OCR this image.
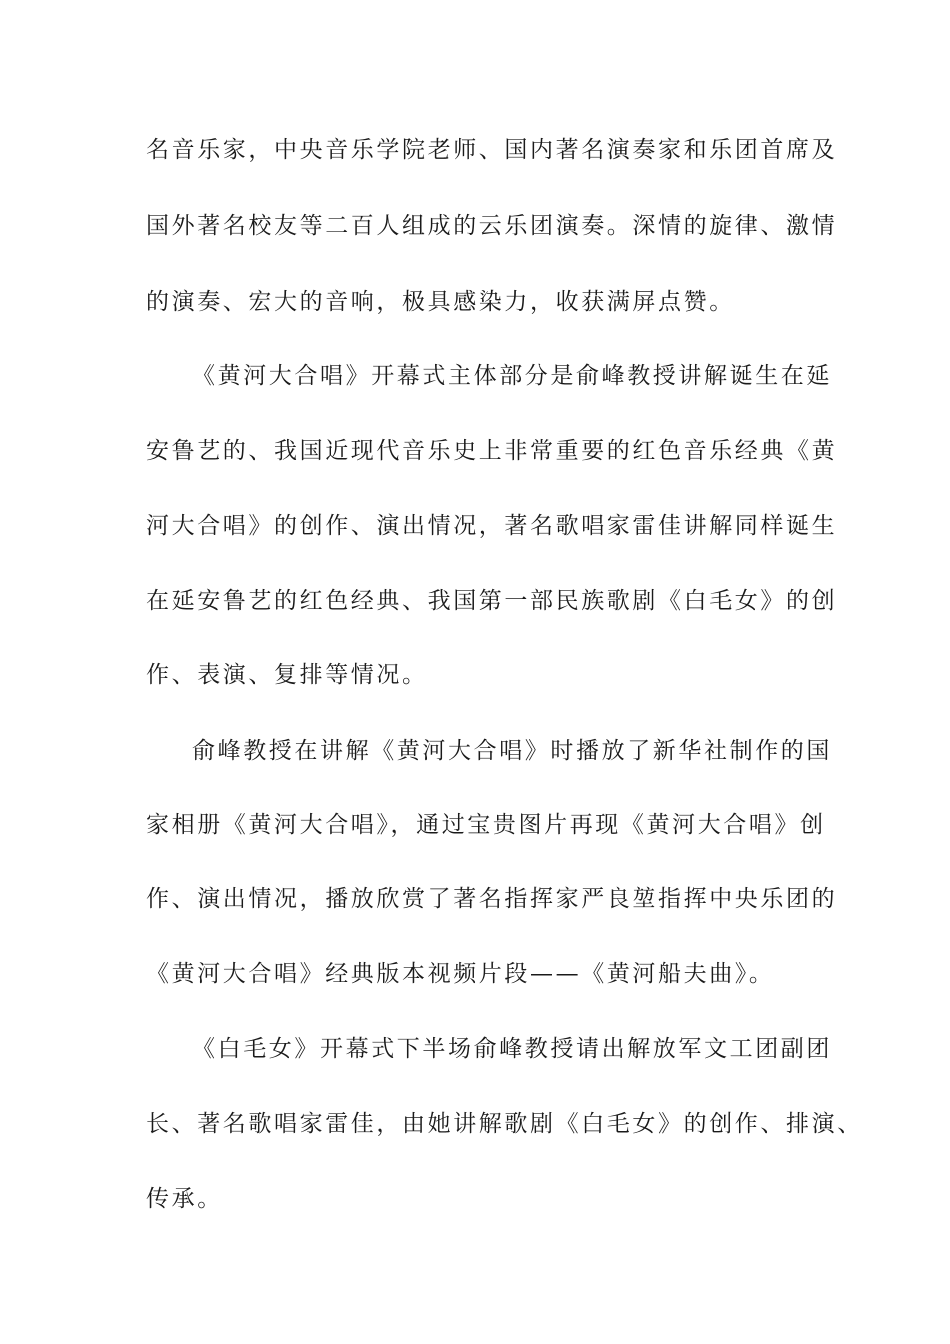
名音乐家，中央音乐学院老师、国内著名演奏家和乐团首席及
国外著名校友等二百人组成的云乐团演奏。深情的旋律、激情
的演奏、宏大的音响，极具感染力，收获满屏点赞。
《黄河大合唱》开幕式主体部分是俞峰教授讲解诞生在延
安鲁艺的、我国近现代音乐史上非常重要的红色音乐经典《黄
河大合唱》的创作、演出情况，著名歌唱家雷佳讲解同样诞生
在延安鲁艺的红色经典、我国第一部民族歌剧《白毛女》的创
作、表演、复排等情况。
俞峰教授在讲解《黄河大合唱》时播放了新华社制作的国
家相册《黄河大合唱》，通过宝贵图片再现《黄河大合唱》创
作、演出情况，播放欣赏了著名指挥家严良堃指挥中央乐团的
《黄河大合唱》经典版本视频片段——《黄河船夫曲》。
《白毛女》开幕式下半场俞峰教授请出解放军文工团副团
长、著名歌唱家雷佳，由她讲解歌剧《白毛女》的创作、排演、
传承。
